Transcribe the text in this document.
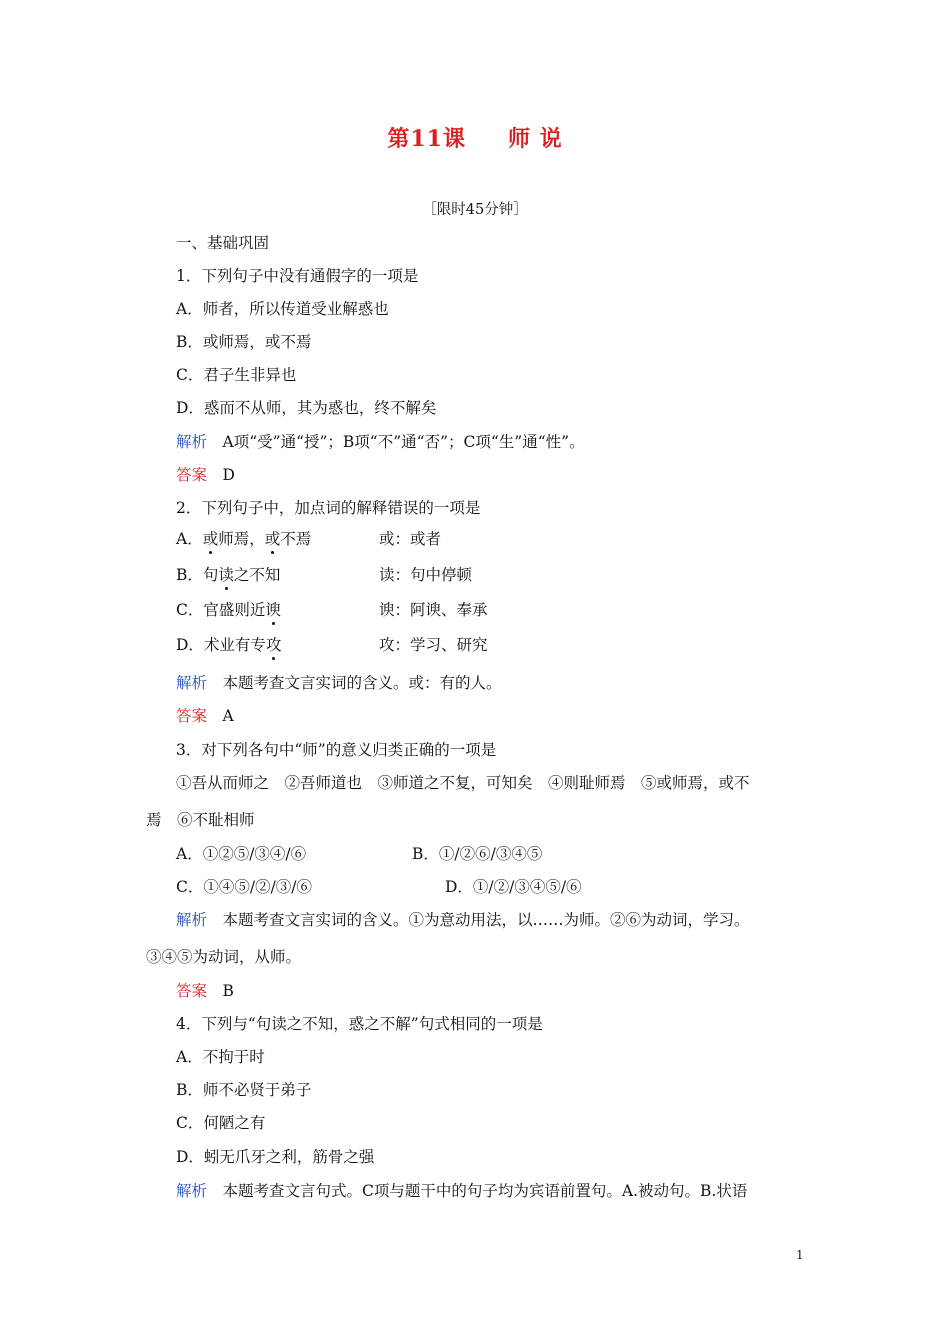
第11课 师 说
［限时45分钟］
一、基础巩固
1．下列句子中没有通假字的一项是
A．师者，所以传道受业解惑也
B．或师焉，或不焉
C．君子生非异也
D．惑而不从师，其为惑也，终不解矣
解析　 A项“受”通“授”；B项“不”通“否”；C项“生”通“性”。
答案　 D
2．下列句子中，加点词的解释错误的一项是
A．或师焉，或不焉	或：或者
B．句读之不知	读：句中停顿
C．官盛则近谀	谀：阿谀、奉承
D．术业有专攻	攻：学习、研究
解析　 本题考查文言实词的含义。或：有的人。
答案　 A
3．对下列各句中“师”的意义归类正确的一项是
①吾从而师之　②吾师道也　③师道之不复，可知矣　④则耻师焉　⑤或师焉，或不
焉　⑥不耻相师
A．①②⑤/③④/⑥	B．①/②⑥/③④⑤
C．①④⑤/②/③/⑥	D．①/②/③④⑤/⑥
解析　 本题考查文言实词的含义。①为意动用法，以……为师。②⑥为动词，学习。
③④⑤为动词，从师。
答案　 B
4．下列与“句读之不知，惑之不解”句式相同的一项是
A．不拘于时
B．师不必贤于弟子
C．何陋之有
D．蚓无爪牙之利，筋骨之强
解析　 本题考查文言句式。C项与题干中的句子均为宾语前置句。A.被动句。B.状语
1
